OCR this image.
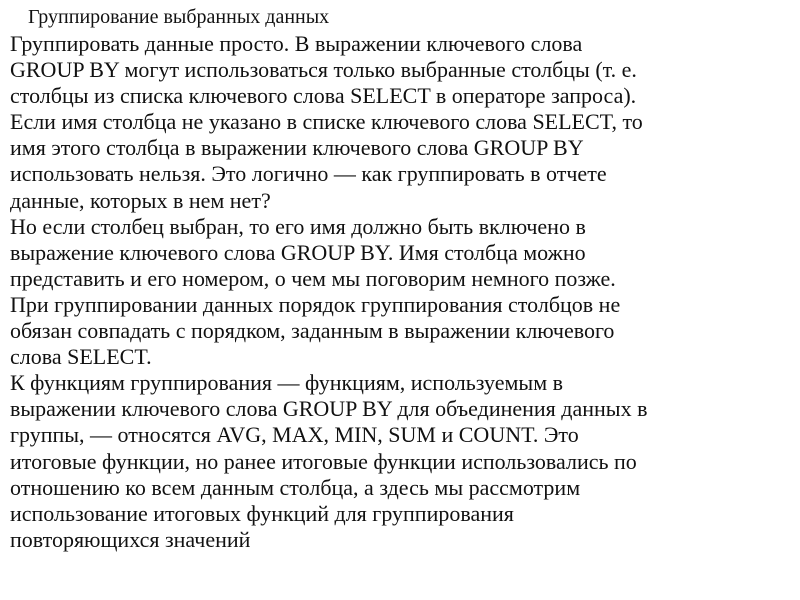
Группирование выбранных данных
Группировать данные просто. В выражении ключевого слова
GROUP BY могут использоваться только выбранные столбцы (т. е.
столбцы из списка ключевого слова SELECT в операторе запроса).
Если имя столбца не указано в списке ключевого слова SELECT, то
имя этого столбца в выражении ключевого слова GROUP BY
использовать нельзя. Это логично — как группировать в отчете
данные, которых в нем нет?
Но если столбец выбран, то его имя должно быть включено в
выражение ключевого слова GROUP BY. Имя столбца можно
представить и его номером, о чем мы поговорим немного позже.
При группировании данных порядок группирования столбцов не
обязан совпадать с порядком, заданным в выражении ключевого
слова SELECT.
К функциям группирования — функциям, используемым в
выражении ключевого слова GROUP BY для объединения данных в
группы, — относятся AVG, MAX, MIN, SUM и COUNT. Это
итоговые функции, но ранее итоговые функции использовались по
отношению ко всем данным столбца, а здесь мы рассмотрим
использование итоговых функций для группирования
повторяющихся значений
